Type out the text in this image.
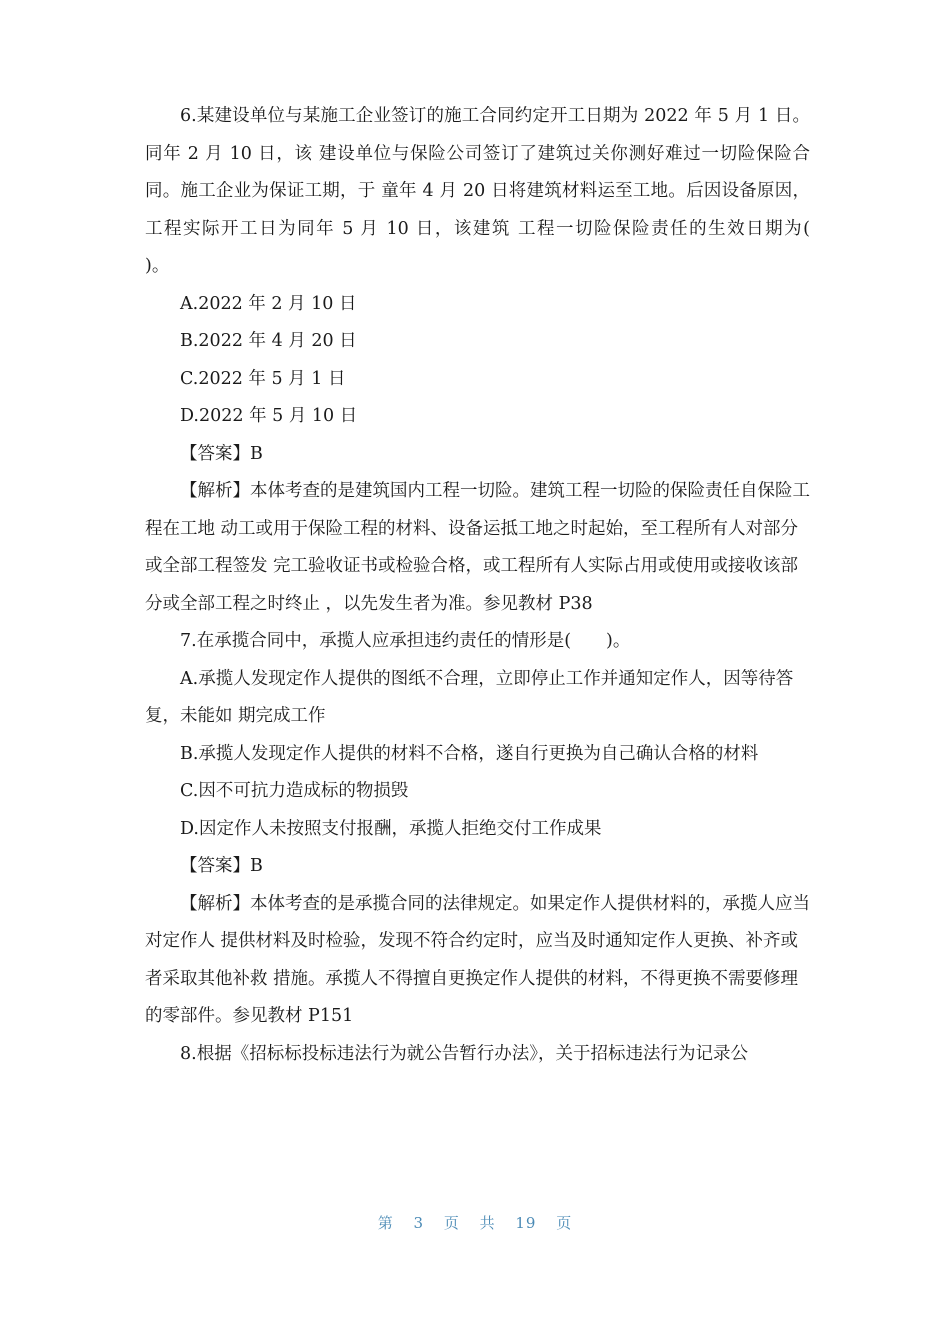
6.某建设单位与某施工企业签订的施工合同约定开工日期为 2022 年 5 月 1 日。同年 2 月 10 日，该 建设单位与保险公司签订了建筑过关你测好难过一切险保险合同。施工企业为保证工期，于 童年 4 月 20 日将建筑材料运至工地。后因设备原因，工程实际开工日为同年 5 月 10 日，该建筑 工程一切险保险责任的生效日期为(　　)。

A.2022 年 2 月 10 日

B.2022 年 4 月 20 日

C.2022 年 5 月 1 日

D.2022 年 5 月 10 日

【答案】B

【解析】本体考查的是建筑国内工程一切险。建筑工程一切险的保险责任自保险工程在工地 动工或用于保险工程的材料、设备运抵工地之时起始，至工程所有人对部分或全部工程签发 完工验收证书或检验合格，或工程所有人实际占用或使用或接收该部分或全部工程之时终止 ，以先发生者为准。参见教材 P38

7.在承揽合同中，承揽人应承担违约责任的情形是(　　)。

A.承揽人发现定作人提供的图纸不合理，立即停止工作并通知定作人，因等待答复，未能如 期完成工作

B.承揽人发现定作人提供的材料不合格，遂自行更换为自己确认合格的材料

C.因不可抗力造成标的物损毁

D.因定作人未按照支付报酬，承揽人拒绝交付工作成果

【答案】B

【解析】本体考查的是承揽合同的法律规定。如果定作人提供材料的，承揽人应当对定作人 提供材料及时检验，发现不符合约定时，应当及时通知定作人更换、补齐或者采取其他补救 措施。承揽人不得擅自更换定作人提供的材料，不得更换不需要修理的零部件。参见教材 P151

8.根据《招标标投标违法行为就公告暂行办法》，关于招标违法行为记录公

第 3 页 共 19 页
